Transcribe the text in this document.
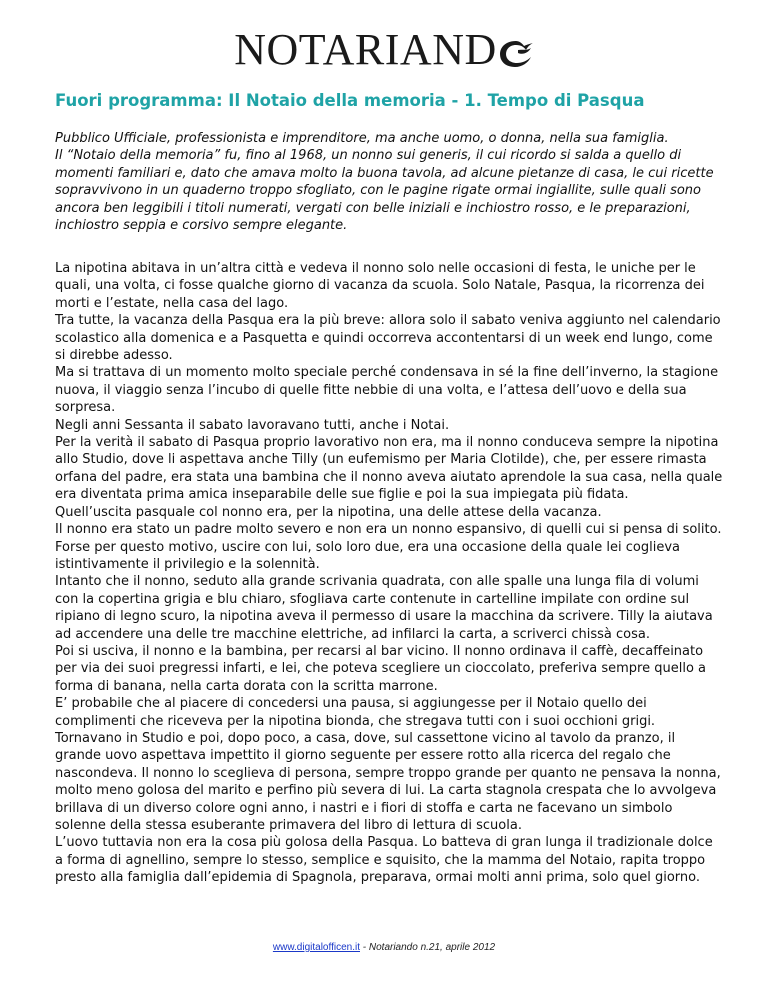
NOTARIAND
Fuori programma: Il Notaio della memoria - 1. Tempo di Pasqua

Pubblico Ufficiale, professionista e imprenditore, ma anche uomo, o donna, nella sua famiglia.

Il “Notaio della memoria” fu, fino al 1968, un nonno sui generis, il cui ricordo si salda a quello di momenti familiari e, dato che amava molto la buona tavola, ad alcune pietanze di casa, le cui ricette sopravvivono in un quaderno troppo sfogliato, con le pagine rigate ormai ingiallite, sulle quali sono ancora ben leggibili i titoli numerati, vergati con belle iniziali e inchiostro rosso, e le preparazioni, inchiostro seppia e corsivo sempre elegante.

La nipotina abitava in un’altra città e vedeva il nonno solo nelle occasioni di festa, le uniche per le quali, una volta, ci fosse qualche giorno di vacanza da scuola. Solo Natale, Pasqua, la ricorrenza dei morti e l’estate, nella casa del lago.

Tra tutte, la vacanza della Pasqua era la più breve: allora solo il sabato veniva aggiunto nel calendario scolastico alla domenica e a Pasquetta e quindi occorreva accontentarsi di un week end lungo, come si direbbe adesso.

Ma si trattava di un momento molto speciale perché condensava in sé la fine dell’inverno, la stagione nuova, il viaggio senza l’incubo di quelle fitte nebbie di una volta, e l’attesa dell’uovo e della sua sorpresa.

Negli anni Sessanta il sabato lavoravano tutti, anche i Notai.

Per la verità il sabato di Pasqua proprio lavorativo non era, ma il nonno conduceva sempre la nipotina allo Studio, dove li aspettava anche Tilly (un eufemismo per Maria Clotilde), che, per essere rimasta orfana del padre, era stata una bambina che il nonno aveva aiutato aprendole la sua casa, nella quale era diventata prima amica inseparabile delle sue figlie e poi la sua impiegata più fidata.

Quell’uscita pasquale col nonno era, per la nipotina, una delle attese della vacanza.

Il nonno era stato un padre molto severo e non era un nonno espansivo, di quelli cui si pensa di solito. Forse per questo motivo, uscire con lui, solo loro due, era una occasione della quale lei coglieva istintivamente il privilegio e la solennità.

Intanto che il nonno, seduto alla grande scrivania quadrata, con alle spalle una lunga fila di volumi con la copertina grigia e blu chiaro, sfogliava carte contenute in cartelline impilate con ordine sul ripiano di legno scuro, la nipotina aveva il permesso di usare la macchina da scrivere. Tilly la aiutava ad accendere una delle tre macchine elettriche, ad infilarci la carta, a scriverci chissà cosa.

Poi si usciva, il nonno e la bambina, per recarsi al bar vicino. Il nonno ordinava il caffè, decaffeinato per via dei suoi pregressi infarti, e lei, che poteva scegliere un cioccolato, preferiva sempre quello a forma di banana, nella carta dorata con la scritta marrone.

E’ probabile che al piacere di concedersi una pausa, si aggiungesse per il Notaio quello dei complimenti che riceveva per la nipotina bionda, che stregava tutti con i suoi occhioni grigi.

Tornavano in Studio e poi, dopo poco, a casa, dove, sul cassettone vicino al tavolo da pranzo, il grande uovo aspettava impettito il giorno seguente per essere rotto alla ricerca del regalo che nascondeva. Il nonno lo sceglieva di persona, sempre troppo grande per quanto ne pensava la nonna, molto meno golosa del marito e perfino più severa di lui. La carta stagnola crespata che lo avvolgeva brillava di un diverso colore ogni anno, i nastri e i fiori di stoffa e carta ne facevano un simbolo solenne della stessa esuberante primavera del libro di lettura di scuola.

L’uovo tuttavia non era la cosa più golosa della Pasqua. Lo batteva di gran lunga il tradizionale dolce a forma di agnellino, sempre lo stesso, semplice e squisito, che la mamma del Notaio, rapita troppo presto alla famiglia dall’epidemia di Spagnola, preparava, ormai molti anni prima, solo quel giorno.

www.digitalofficen.it - Notariando n.21, aprile 2012
